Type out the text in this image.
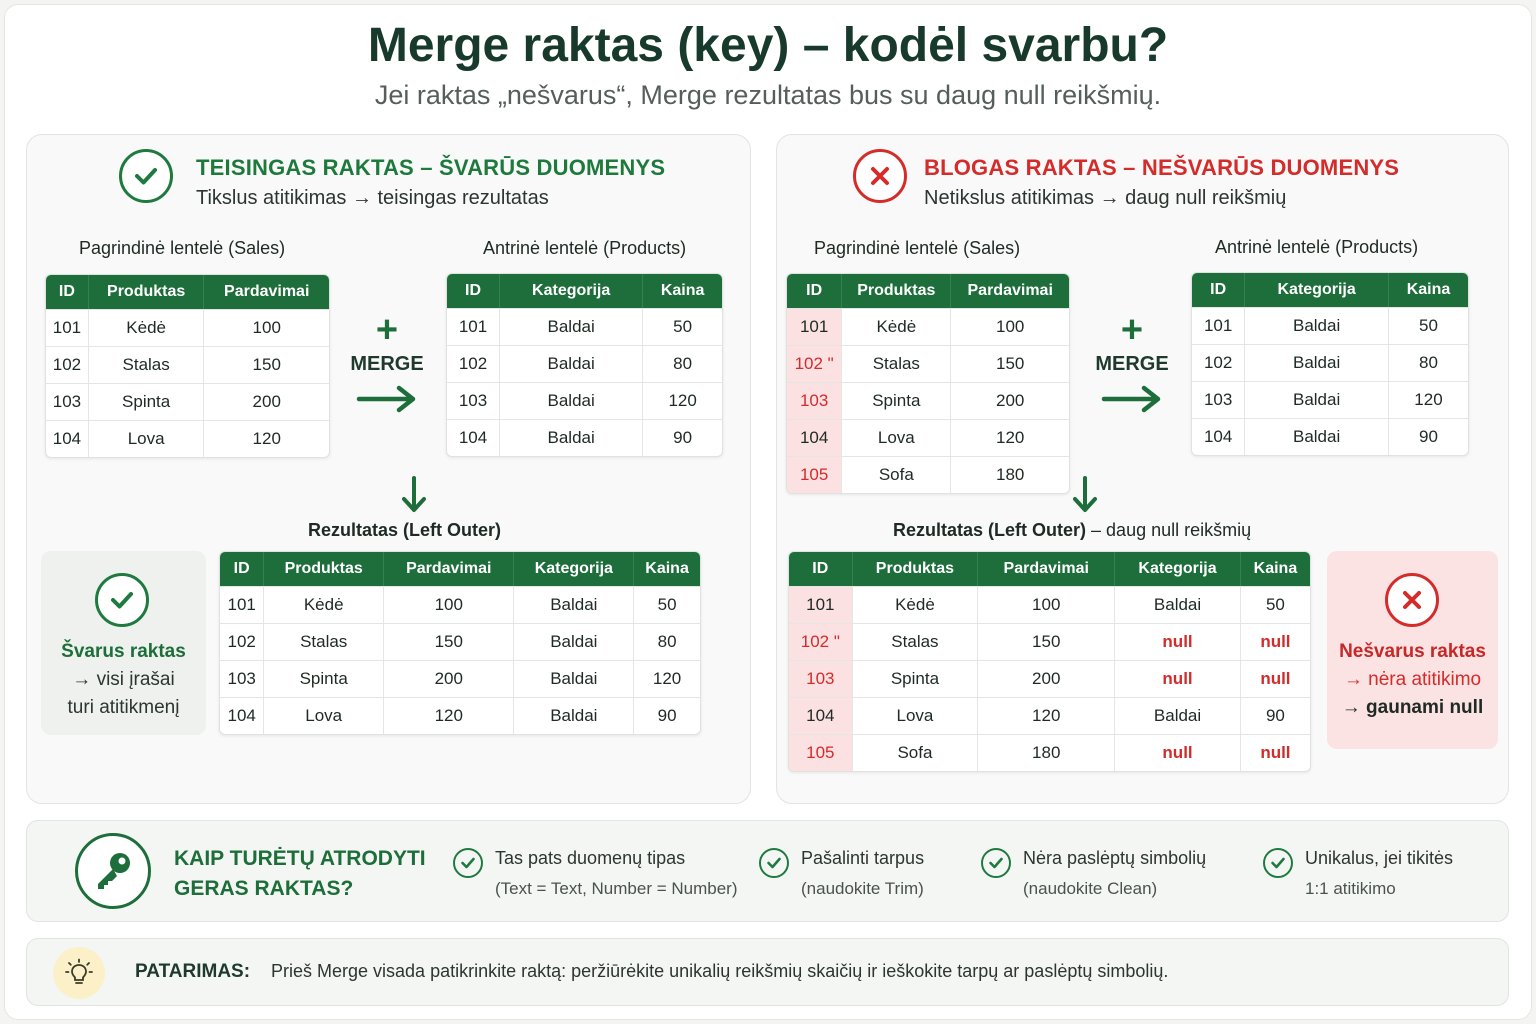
Merge raktas (key) – kodėl svarbu?
Jei raktas „nešvarus“, Merge rezultatas bus su daug null reikšmių.
TEISINGAS RAKTAS – ŠVARŪS DUOMENYS
Tikslus atitikimas → teisingas rezultatas
Pagrindinė lentelė (Sales)	Antrinė lentelė (Products)
ID	Produktas	Pardavimai
101	Kėdė	100
102	Stalas	150
103	Spinta	200
104	Lova	120
+
MERGE
ID	Kategorija	Kaina
101	Baldai	50
102	Baldai	80
103	Baldai	120
104	Baldai	90
Rezultatas (Left Outer)
Švarus raktas
→ visi įrašai
turi atitikmenį
ID	Produktas	Pardavimai	Kategorija	Kaina
101	Kėdė	100	Baldai	50
102	Stalas	150	Baldai	80
103	Spinta	200	Baldai	120
104	Lova	120	Baldai	90
BLOGAS RAKTAS – NEŠVARŪS DUOMENYS
Netikslus atitikimas → daug null reikšmių
Pagrindinė lentelė (Sales)	Antrinė lentelė (Products)
ID	Produktas	Pardavimai
101	Kėdė	100
102 "	Stalas	150
103	Spinta	200
104	Lova	120
105	Sofa	180
+
MERGE
ID	Kategorija	Kaina
101	Baldai	50
102	Baldai	80
103	Baldai	120
104	Baldai	90
Rezultatas (Left Outer) – daug null reikšmių
ID	Produktas	Pardavimai	Kategorija	Kaina
101	Kėdė	100	Baldai	50
102 "	Stalas	150	null	null
103	Spinta	200	null	null
104	Lova	120	Baldai	90
105	Sofa	180	null	null
Nešvarus raktas
→ nėra atitikimo
→ gaunami null
KAIP TURĖTŲ ATRODYTI
GERAS RAKTAS?
Tas pats duomenų tipas
(Text = Text, Number = Number)
Pašalinti tarpus
(naudokite Trim)
Nėra paslėptų simbolių
(naudokite Clean)
Unikalus, jei tikitės
1:1 atitikimo
PATARIMAS: Prieš Merge visada patikrinkite raktą: peržiūrėkite unikalių reikšmių skaičių ir ieškokite tarpų ar paslėptų simbolių.
